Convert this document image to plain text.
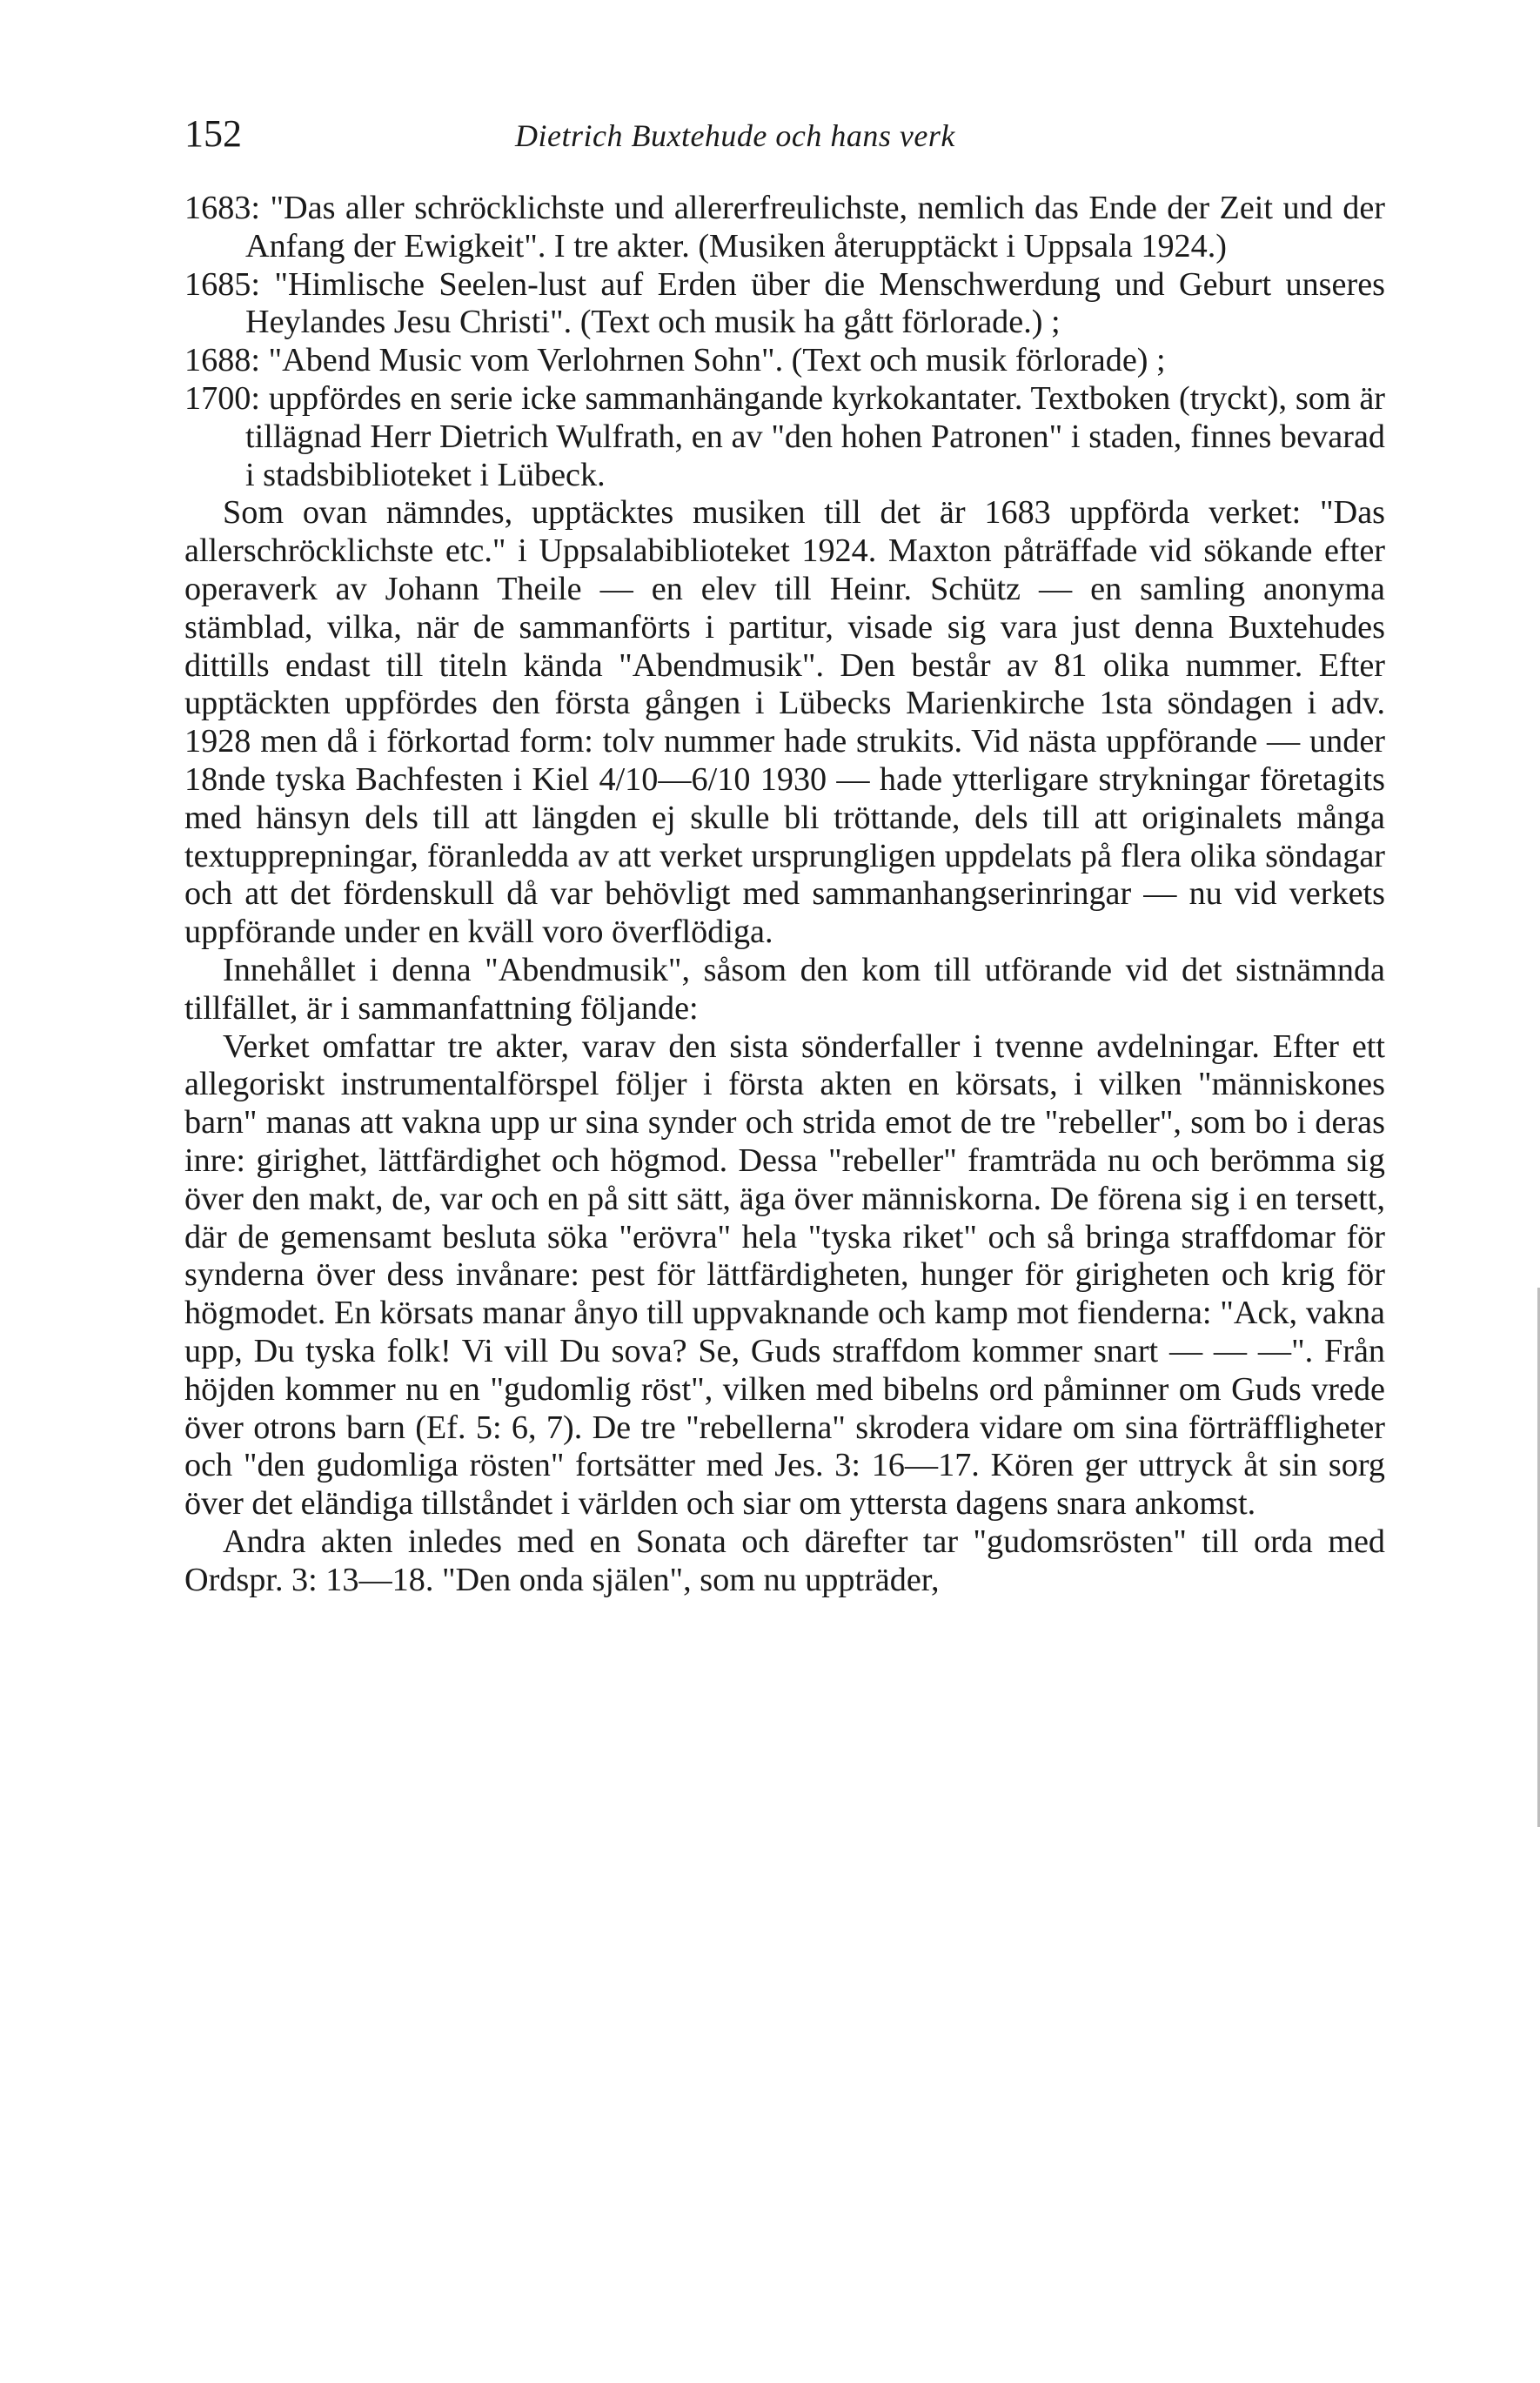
152	Dietrich Buxtehude och hans verk
1683: "Das aller schröcklichste und allererfreulichste, nemlich das Ende der Zeit und der Anfang der Ewigkeit". I tre akter. (Musiken återupptäckt i Uppsala 1924.)
1685: "Himlische Seelen-lust auf Erden über die Menschwerdung und Geburt unseres Heylandes Jesu Christi". (Text och musik ha gått förlorade.) ;
1688: "Abend Music vom Verlohrnen Sohn". (Text och musik förlorade) ;
1700: uppfördes en serie icke sammanhängande kyrkokantater. Textboken (tryckt), som är tillägnad Herr Dietrich Wulfrath, en av "den hohen Patronen" i staden, finnes bevarad i stadsbiblioteket i Lübeck.

Som ovan nämndes, upptäcktes musiken till det är 1683 uppförda verket: "Das allerschröcklichste etc." i Uppsalabiblioteket 1924. Maxton påträffade vid sökande efter operaverk av Johann Theile — en elev till Heinr. Schütz — en samling anonyma stämblad, vilka, när de sammanförts i partitur, visade sig vara just denna Buxtehudes dittills endast till titeln kända "Abendmusik". Den består av 81 olika nummer. Efter upptäckten uppfördes den första gången i Lübecks Marienkirche 1sta söndagen i adv. 1928 men då i förkortad form: tolv nummer hade strukits. Vid nästa uppförande — under 18nde tyska Bachfesten i Kiel 4/10—6/10 1930 — hade ytterligare strykningar företagits med hänsyn dels till att längden ej skulle bli tröttande, dels till att originalets många textupprepningar, föranledda av att verket ursprungligen uppdelats på flera olika söndagar och att det fördenskull då var behövligt med sammanhangserinringar — nu vid verkets uppförande under en kväll voro överflödiga.

Innehållet i denna "Abendmusik", såsom den kom till utförande vid det sistnämnda tillfället, är i sammanfattning följande:

Verket omfattar tre akter, varav den sista sönderfaller i tvenne avdelningar. Efter ett allegoriskt instrumentalförspel följer i första akten en körsats, i vilken "människones barn" manas att vakna upp ur sina synder och strida emot de tre "rebeller", som bo i deras inre: girighet, lättfärdighet och högmod. Dessa "rebeller" framträda nu och berömma sig över den makt, de, var och en på sitt sätt, äga över människorna. De förena sig i en tersett, där de gemensamt besluta söka "erövra" hela "tyska riket" och så bringa straffdomar för synderna över dess invånare: pest för lättfärdigheten, hunger för girigheten och krig för högmodet. En körsats manar ånyo till uppvaknande och kamp mot fienderna: "Ack, vakna upp, Du tyska folk! Vi vill Du sova? Se, Guds straffdom kommer snart — — —". Från höjden kommer nu en "gudomlig röst", vilken med bibelns ord påminner om Guds vrede över otrons barn (Ef. 5: 6, 7). De tre "rebellerna" skrodera vidare om sina förträffligheter och "den gudomliga rösten" fortsätter med Jes. 3: 16—17. Kören ger uttryck åt sin sorg över det eländiga tillståndet i världen och siar om yttersta dagens snara ankomst.

Andra akten inledes med en Sonata och därefter tar "gudomsrösten" till orda med Ordspr. 3: 13—18. "Den onda själen", som nu uppträder,
